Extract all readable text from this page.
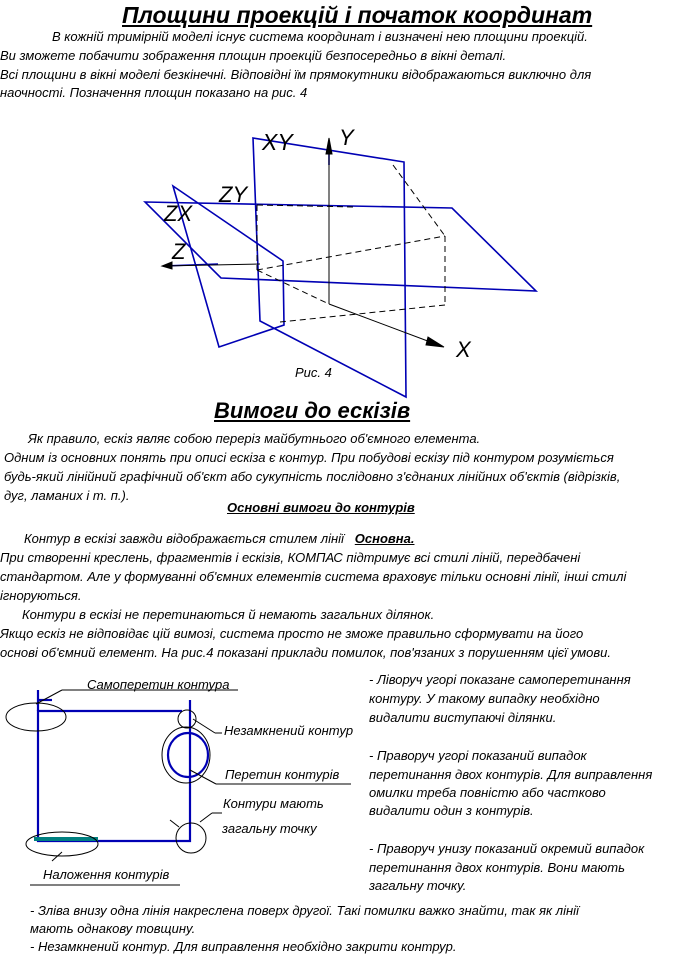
Площини проекцій і початок координат
В кожній тримірній моделі існує система координат і визначені нею площини проекцій.
Ви зможете побачити зображення площин проекцій безпосередньо в вікні деталі.
Всі площини в вікні моделі безкінечні. Відповідні їм прямокутники відображаються виключно для
наочності. Позначення площин показано на рис. 4
XY Y
ZX
ZY
Z
X
Рис. 4
Вимоги до ескізів
Як правило, ескіз являє собою переріз майбутнього об'ємного елемента.
Одним із основних понять при описі ескіза є контур. При побудові ескізу під контуром розуміється
будь-який лінійний графічний об'єкт або сукупність послідовно з'єднаних лінійних об'єктів (відрізків,
дуг, ламаних і т. п.).
Основні вимоги до контурів
Контур в ескізі завжди відображається стилем лінії Основна.
При створенні креслень, фрагментів і ескізів, КОМПАС підтримує всі стилі ліній, передбачені
стандартом. Але у формуванні об'ємних елементів система враховує тільки основні лінії, інші стилі
ігноруються.
Контури в ескізі не перетинаються й немають загальних ділянок.
Якщо ескіз не відповідає цій вимозі, система просто не зможе правильно сформувати на його
основі об'ємний елемент. На рис.4 показані приклади помилок, пов'язаних з порушенням цієї умови.
Самоперетин контура
Незамкнений контур
Перетин контурів
Контури мають
загальну точку
Наложення контурів
- Ліворуч угорі показане самоперетинання
контуру. У такому випадку необхідно
видалити виступаючі ділянки.
- Праворуч угорі показаний випадок
перетинання двох контурів. Для виправлення
омилки треба повністю або частково
видалити один з контурів.
- Праворуч унизу показаний окремий випадок
перетинання двох контурів. Вони мають
загальну точку.
- Зліва внизу одна лінія накреслена поверх другої. Такі помилки важко знайти, так як лінії
мають однакову товщину.
- Незамкнений контур. Для виправлення необхідно закрити контрур.
